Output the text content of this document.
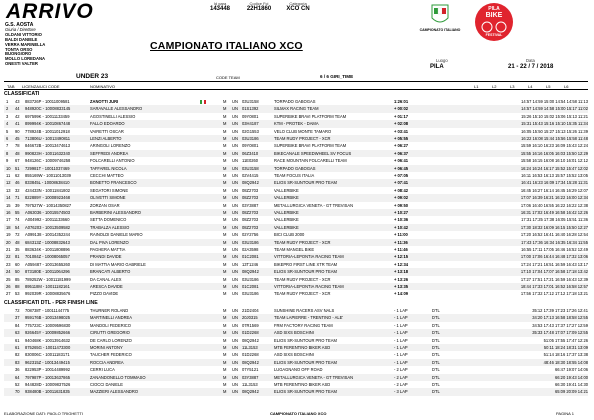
ARRIVO	Id gara
143448
Codice Fci
22H1860
Categoria
XCO CN
G.S. AOSTA
Giuria / Direttore
OLDANI VITTORIO
BALDI DANIELE
VERRA MARINELLA
TONTA ORSO
BUONGIORO
MOLLO LOREDANA
ONESTI VALTER
CAMPIONATO ITALIANO
PILA
BIKE
FESTIVAL
CAMPIONATO ITALIANO XCO
Luogo
PILA
Data
21 - 22 / 7 / 2018
UNDER 23	CODE TEAM	6 / 6 GIRI_TIME
TAB LICENZA/UCI CODE	NOMINATIVO	L1	L2	L3	L4	L5	L6
CLASSIFICATI
1	43	883726P - 10011009581	ZANOTTI JURI	M	UN 03U3158	TORPADO GABOGAS	1:26:01	14:57 14:59 15:00 14:54 14:58 11:13
2	44	948920C - 10008833145	SARAVALLE ALESSANDRO	M	UN 01S1392	SILMAX RACING TEAM	+ 00:02	14:57 14:59 14:58 15:00 15:17 11:02
3	42	697599K - 10011133459	AGOSTINELLI ALESSIO	M	UN 09Y0801	SUPERBIKE BRAVI PLATFORM TEAM	+ 01:17	15:26 15:10 15:02 15:06 15:13 11:21
4	41	899994K - 10010867448	FALLO EDOARDO	M	UN 03H4187	KTM - PROTEK - DAMA	+ 02:08	15:31 15:43 15:16 15:10 15:35 11:34
5	90	778924B - 10011012918	VAIRETTI OSCAR	M	UN 02G1553	VELO CLUB MONTE TAMARO	+ 03:41	16:05 15:50 15:27 15:13 15:26 11:39
6	45	713806U - 10013490811	LENZI ALBERTO	M	UN 03U3186	TEAM RUDY PROJECT - XCR	+ 05:55	16:22 16:08 15:44 15:56 15:58 11:48
7	78	846672B - 10013474613	ARINGOLI LORENZO	M	UN 09Y0801	SUPERBIKE BRAVI PLATFORM TEAM	+ 06:27	15:59 16:10 16:23 16:09 15:43 12:24
8	48	990823H - 10011632340	SEFFREDI ANDREA	M	UN 06Z3410	BIKECANALE SPEEDWHEEL SV FOCUS	+ 06:37	15:55 16:16 16:05 16:03 15:50 12:29
9	67	948126C - 10009746258	FOLCARELLI ANTONIO	M	UN 11E0260	RACE MOUNTAIN FOLCARELLI TEAM	+ 06:41	15:58 16:15 16:08 16:10 16:01 12:12
10	51	729981T - 10011037469	TAFFAREL NICOLA	M	UN 03U3158	TORPADO GABOGAS	+ 06:45	16:24 16:24 16:17 15:52 15:47 12:02
11	62	855169W - 10011013039	CECCHI MATTEO	M	UN 02V4415	TEAM FOCUS ITALIA	+ 07:05	16:11 16:53 16:13 15:57 15:52 13:05
12	46	833845L - 10008638410	BONETTO FRANCESCO	M	UN 08Q2942	ELIOS SR-SUNTOUR PRO TEAM	+ 07:41	16:41 16:23 16:09 17:34 15:28 11:31
13	32	424433N - 10011841802	SEGATORI SIMONE	M	UN 08Z2703	VALLERBIKE	+ 08:42	16:45 16:27 16:14 16:45 16:29 12:07
14	71	822889Y - 10008923468	OLIVETTI SIMONE	M	UN 08Z2703	VALLERBIKE	+ 09:02	17:07 16:39 16:21 16:22 16:00 12:34
15	39	797527W - 10014350827	ZORZAN OSAR	M	UN 03Y3887	METALLURGICA VENETA - GT TREVISAN	+ 09:50	17:06 16:40 16:55 16:22 16:22 12:38
16	55	A063036 - 10015574503	BARBERINI ALESSANDRO	M	UN 08Z2703	VALLERBIKE	+ 10:27	16:31 17:02 16:49 16:58 16:42 12:26
17	74	A004992 - 10011133660	SETTA DOMENICO	M	UN 08Z2703	VALLERBIKE	+ 10:36	17:31 17:25 17:38 16:05 15:51 11:36
18	54	A076203 - 10013509582	TRABALZA ALESSIO	M	UN 08Z2703	VALLERBIKE	+ 10:42	17:30 18:32 16:09 16:15 15:50 12:27
19	72	A099138 - 10014352244	RAINOLDI DANIELE MARIO	M	UN 02Y2756	BICI CLUB 2000	+ 11:00	17:20 16:52 16:41 16:40 16:28 12:54
20	48	684313Z - 10008832643	DAL PIVA LORENZO	M	UN 03U3186	TEAM RUDY PROJECT - XCR	+ 11:36	17:43 17:36 16:34 16:35 16:34 11:55
21	35	883634K - 10011808896	PAGHERA MATTIA	M	UN 02A3598	TEAM MANGEL BIKE	+ 11:46	16:55 17:11 17:05 16:46 16:52 12:49
22	81	701084Z - 10008065057	PRANDI DAVIDE	M	UN 01C2081	VITTORIA-LEPONTIA RACING TEAM	+ 12:15	17:00 17:06 16:44 16:48 17:32 13:06
23	60	A059487 - 10013655260	DI MATTIA MARIO GABRIELE	M	UN 13T1246	BIKEPRO FIRST LINE XTR TEAM	+ 12:34	17:24 17:21 16:51 16:59 16:43 13:17
24	50	873180E - 10011064296	BRANCATI ALBERTO	M	UN 08Q2942	ELIOS SR-SUNTOUR PRO TEAM	+ 13:18	17:10 17:04 17:07 16:58 17:18 13:42
25	85	789252W - 10011181999	DA CANAL ALEX	M	UN 03U3186	TEAM RUDY PROJECT - XCR	+ 13:26	17:27 17:51 17:21 16:59 16:43 12:39
26	88	895118M - 10011182161	ARESCA DAVIDE	M	UN 01C2081	VITTORIA-LEPONTIA RACING TEAM	+ 13:35	18:44 17:33 17:01 16:52 16:58 12:57
27	53	992039R - 10008835676	PIZZO DAVIDE	M	UN 03U3186	TEAM RUDY PROJECT - XCR	+ 14:09	17:56 17:32 17:12 17:12 17:18 13:21
CLASSIFICATI DTL - PER FINISH LINE
72	708738T - 10011144775	THURNER ROLAND	M	UN 21D2404	SUNSHINE RACERS ASV NALS	- 1 LAP	DTL	35:12 17:39 17:23 17:26 12:41
37	959176B - 10013498025	MARTINELLI ANDREA	M	UN 20J0315	TEAM LAPIERRE - TRENTINO - ALE'	- 1 LAP	DTL	34:20 17:13 16:58 18:58 12:55
84	775723C - 10009596830	MANDOLI FEDERICO	M	UN 07R1569	FRM FACTORY RACING TEAM	- 1 LAP	DTL	34:53 17:43 17:37 17:27 12:59
63	926645Y - 10009852666	CIRUTTI GREGORIO	M	UN 01D2268	ASD SIXS BOSCHINI	- 1 LAP	DTL	35:33 17:48 17:07 17:09 12:55
61	940468K - 10013914632	DE CARLO LORENZO	M	UN 08Q2942	ELIOS SR-SUNTOUR PRO TEAM	- 1 LAP	DTL	51:05 17:55 17:47 12:26
61	875265G - 10011473300	MORINI ANTONY	M	UN 11L3153	MTB FERENTINO BIKER ASD	- 1 LAP	DTL	50:11 18:24 18:31 13:09
82	830006C - 10011183171	TAUCHER FEDERICO	M	UN 01D2268	ASD SIXS BOSCHINI	- 1 LAP	DTL	51:14 18:16 17:37 13:38
83	962315Z - 10013449415	ROCCIA ANDREA	M	UN 08Q2942	ELIOS SR-SUNTOUR PRO TEAM	- 1 LAP	DTL	48:46 18:30 18:55 14:08
36	822953P - 10014489992	CERRI LUCA	M	UN 07Y5121	LUGAGNANO OFF ROAD	- 2 LAP	DTL	66:47 19:07 14:06
64	797987P - 10013637865	ZANANDONELLO TOMMASO	M	UN 03Y3887	METALLURGICA VENETA - GT TREVISAN	- 2 LAP	DTL	66:20 19:43 14:00
52	944828D - 10009837526	CIOCCI DANIELE	M	UN 11L3153	MTB FERENTINO BIKER ASD	- 2 LAP	DTL	66:30 19:41 14:30
70	938480B - 10011631835	MAZZIERI ALESSANDRO	M	UN 08Q2942	ELIOS SR-SUNTOUR PRO TEAM	- 3 LAP	DTL	65:09 20:09 14:21
ELABORAZIONE DATI: PAOLO TRIGHETTI	CAMPIONATO ITALIANO XCO	PAGINA 1
